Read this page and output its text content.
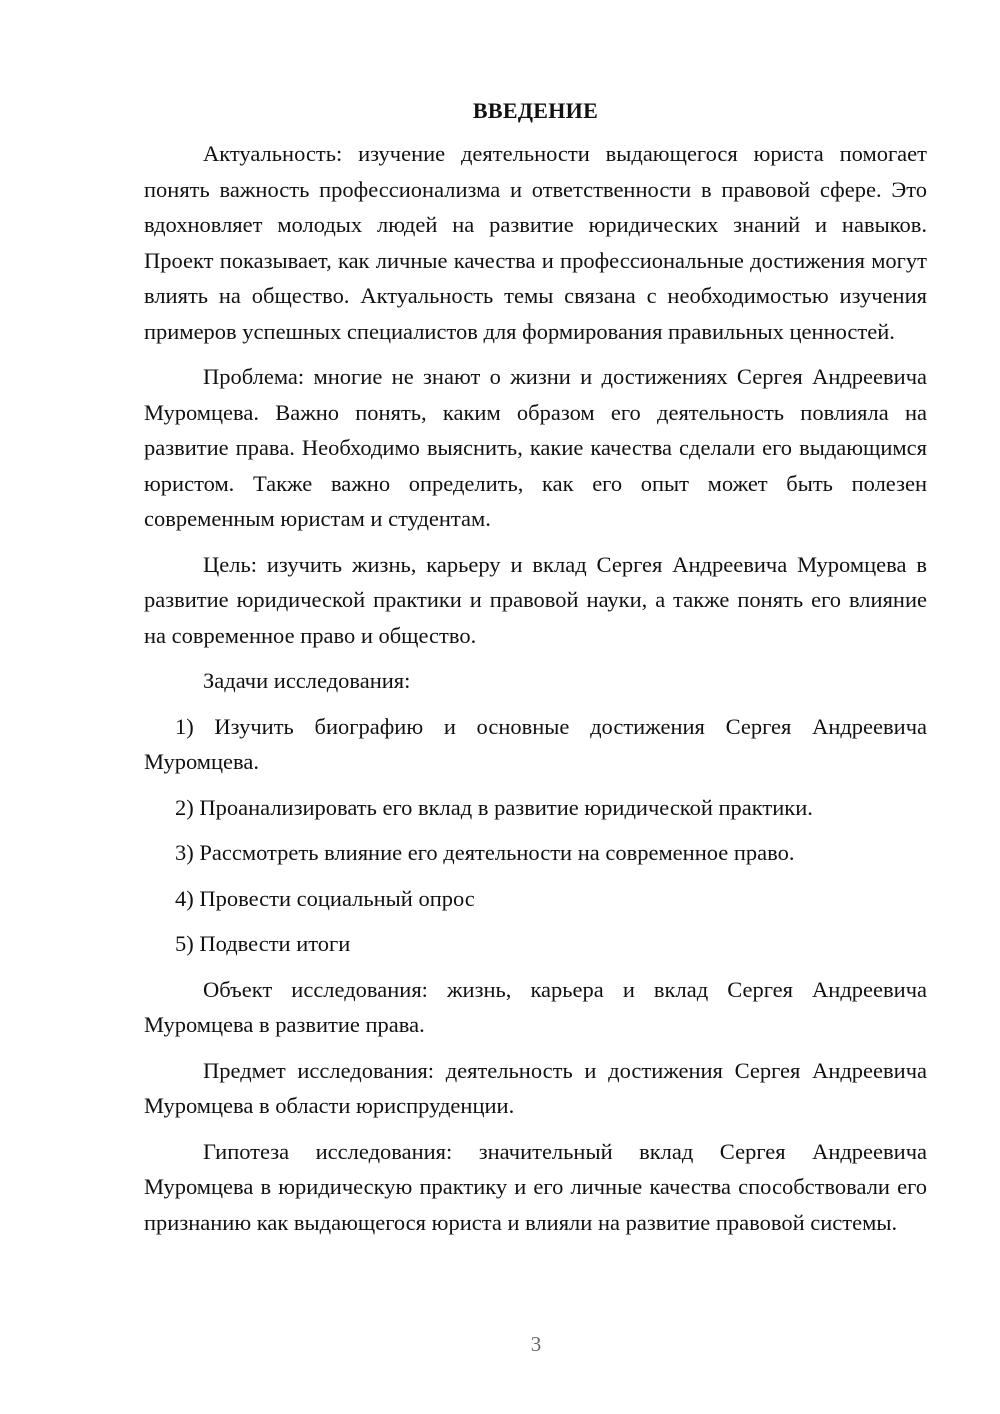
ВВЕДЕНИЕ

Актуальность: изучение деятельности выдающегося юриста помогает понять важность профессионализма и ответственности в правовой сфере. Это вдохновляет молодых людей на развитие юридических знаний и навыков. Проект показывает, как личные качества и профессиональные достижения могут влиять на общество. Актуальность темы связана с необходимостью изучения примеров успешных специалистов для формирования правильных ценностей.

Проблема: многие не знают о жизни и достижениях Сергея Андреевича Муромцева. Важно понять, каким образом его деятельность повлияла на развитие права. Необходимо выяснить, какие качества сделали его выдающимся юристом. Также важно определить, как его опыт может быть полезен современным юристам и студентам.

Цель: изучить жизнь, карьеру и вклад Сергея Андреевича Муромцева в развитие юридической практики и правовой науки, а также понять его влияние на современное право и общество.

Задачи исследования:

1) Изучить биографию и основные достижения Сергея Андреевича Муромцева.

2) Проанализировать его вклад в развитие юридической практики.

3) Рассмотреть влияние его деятельности на современное право.

4) Провести социальный опрос

5) Подвести итоги

Объект исследования: жизнь, карьера и вклад Сергея Андреевича Муромцева в развитие права.

Предмет исследования: деятельность и достижения Сергея Андреевича Муромцева в области юриспруденции.

Гипотеза исследования: значительный вклад Сергея Андреевича Муромцева в юридическую практику и его личные качества способствовали его признанию как выдающегося юриста и влияли на развитие правовой системы.

3
